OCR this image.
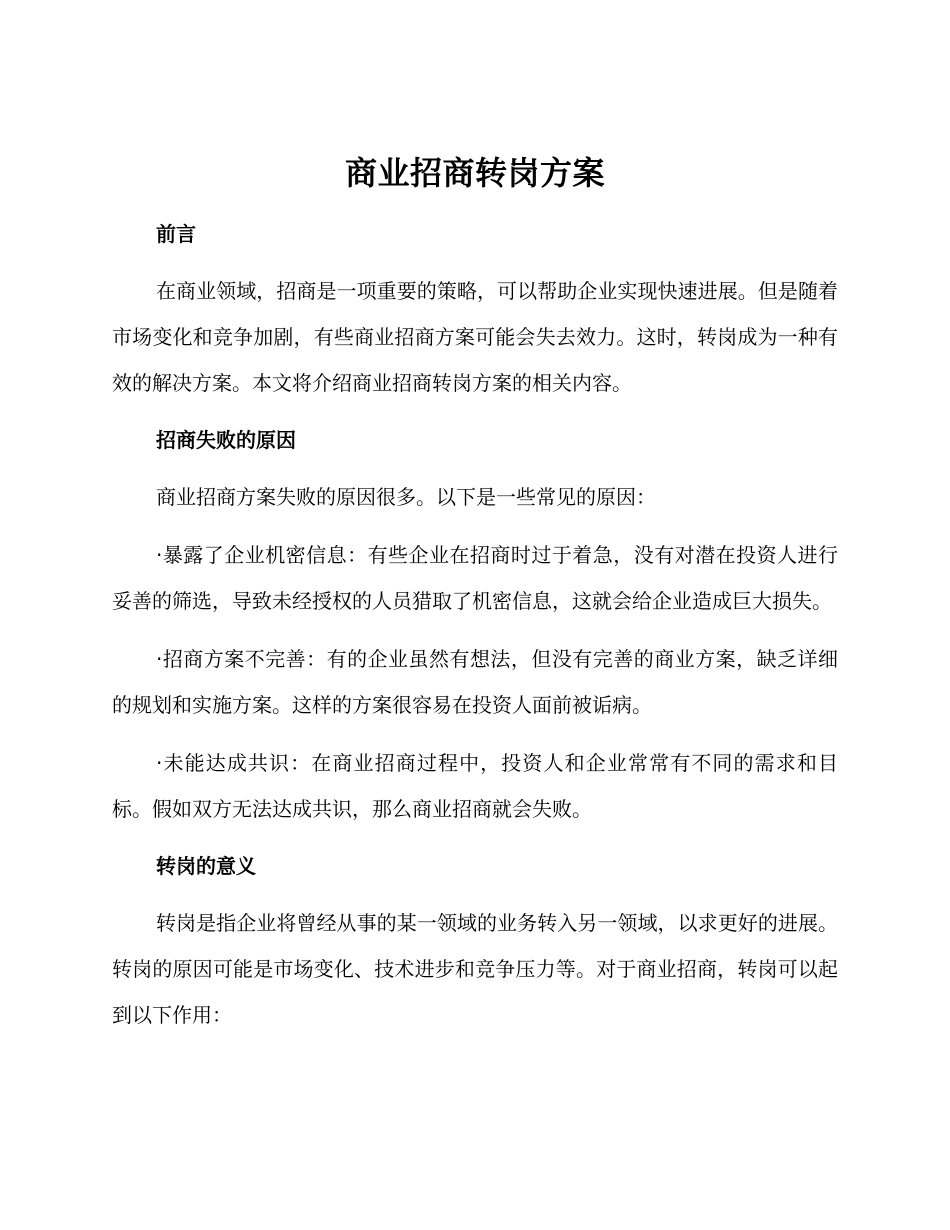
商业招商转岗方案
前言

在商业领域，招商是一项重要的策略，可以帮助企业实现快速进展。但是随着市场变化和竞争加剧，有些商业招商方案可能会失去效力。这时，转岗成为一种有效的解决方案。本文将介绍商业招商转岗方案的相关内容。

招商失败的原因

商业招商方案失败的原因很多。以下是一些常见的原因：

·暴露了企业机密信息：有些企业在招商时过于着急，没有对潜在投资人进行妥善的筛选，导致未经授权的人员猎取了机密信息，这就会给企业造成巨大损失。

·招商方案不完善：有的企业虽然有想法，但没有完善的商业方案，缺乏详细的规划和实施方案。这样的方案很容易在投资人面前被诟病。

·未能达成共识：在商业招商过程中，投资人和企业常常有不同的需求和目标。假如双方无法达成共识，那么商业招商就会失败。

转岗的意义

转岗是指企业将曾经从事的某一领域的业务转入另一领域，以求更好的进展。转岗的原因可能是市场变化、技术进步和竞争压力等。对于商业招商，转岗可以起到以下作用：
